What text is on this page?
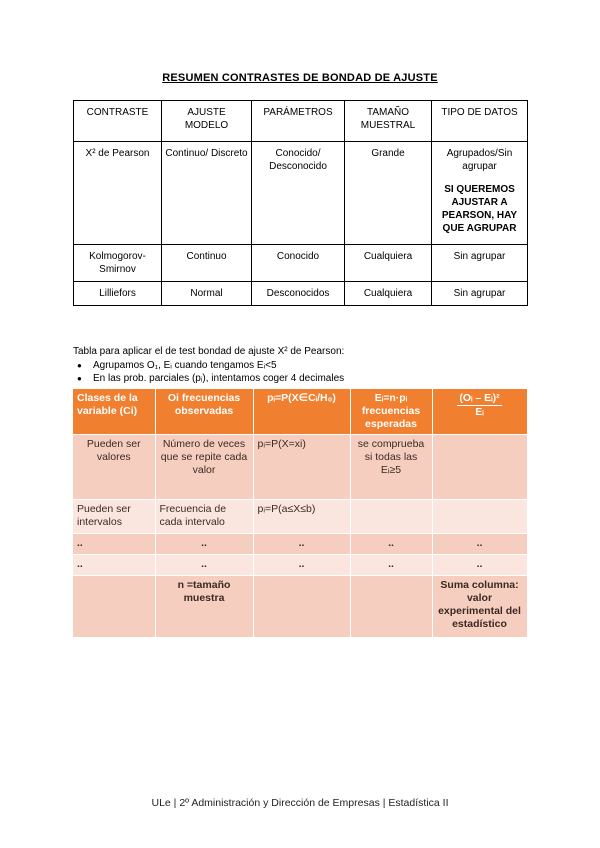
RESUMEN CONTRASTES DE BONDAD DE AJUSTE
CONTRASTE	AJUSTE MODELO	PARÁMETROS	TAMAÑO MUESTRAL	TIPO DE DATOS
X² de Pearson	Continuo/ Discreto	Conocido/ Desconocido	Grande	Agrupados/Sin agrupar
SI QUEREMOS AJUSTAR A PEARSON, HAY QUE AGRUPAR

Kolmogorov-Smirnov	Continuo	Conocido	Cualquiera	Sin agrupar
Lilliefors	Normal	Desconocidos	Cualquiera	Sin agrupar
Tabla para aplicar el de test bondad de ajuste X² de Pearson:
● Agrupamos O₁, Eᵢ cuando tengamos Eᵢ<5
● En las prob. parciales (pᵢ), intentamos coger 4 decimales
Clases de la variable (Ci)	Oi frecuencias observadas	pᵢ=P(X∈Cᵢ/H₀)	Eᵢ=n·pᵢ frecuencias esperadas	$\frac{\text{(Oᵢ – Eᵢ)²}}{\text{Eᵢ}}$

Pueden ser valores	Número de veces que se repite cada valor	pᵢ=P(X=xi)	se comprueba si todas las Eᵢ≥5	
Pueden ser intervalos	Frecuencia de cada intervalo	pᵢ=P(a≤X≤b)		
..	..	..	..	..
..	..	..	..	..
	n =tamaño muestra			Suma columna: valor experimental del estadístico
ULe | 2º Administración y Dirección de Empresas | Estadística II
